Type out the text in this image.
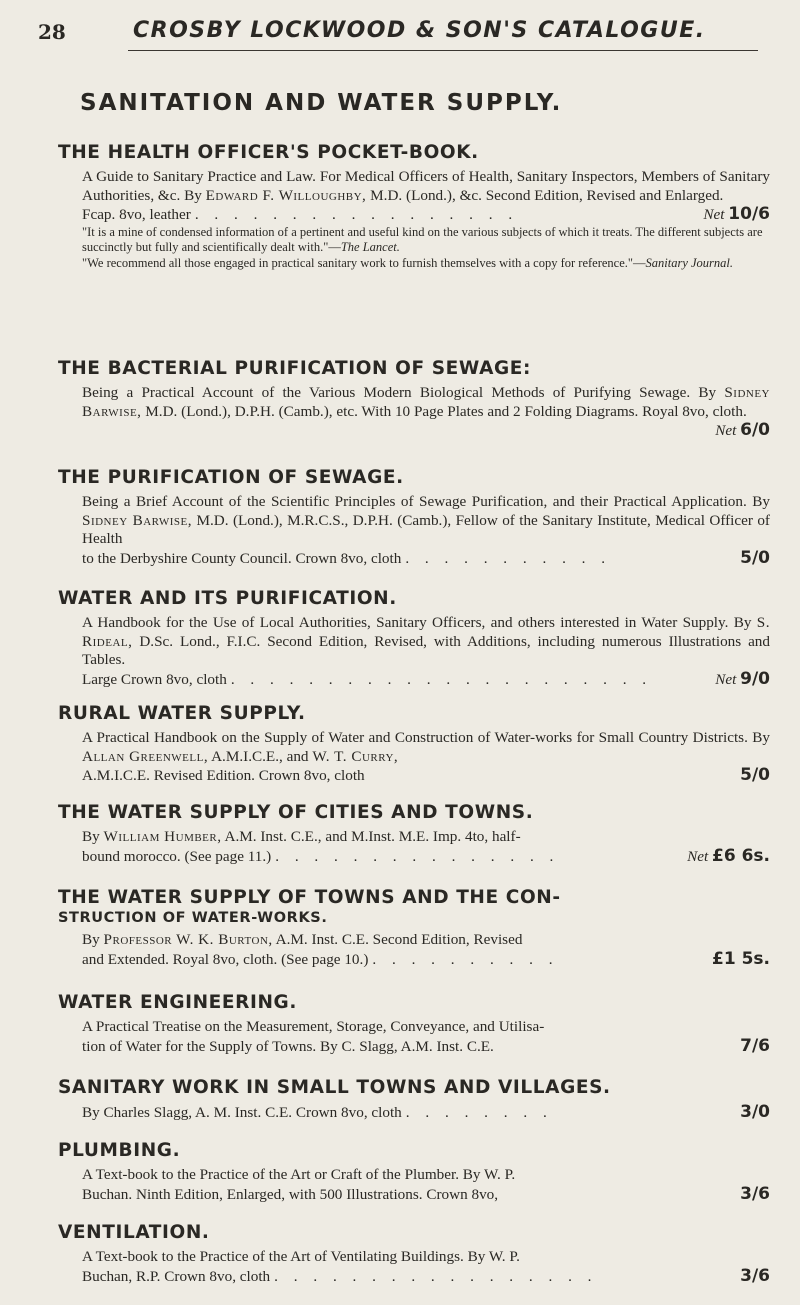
28	CROSBY LOCKWOOD & SON'S CATALOGUE.
SANITATION AND WATER SUPPLY.
THE HEALTH OFFICER'S POCKET-BOOK.
A Guide to Sanitary Practice and Law. For Medical Officers of Health, Sanitary Inspectors, Members of Sanitary Authorities, &c. By Edward F. Willoughby, M.D. (Lond.), &c. Second Edition, Revised and Enlarged.
Fcap. 8vo, leather . . . . . . . . . . . . . . . . .	Net 10/6
"It is a mine of condensed information of a pertinent and useful kind on the various subjects of which it treats. The different subjects are succinctly but fully and scientifically dealt with."—The Lancet.
"We recommend all those engaged in practical sanitary work to furnish themselves with a copy for reference."—Sanitary Journal.
THE BACTERIAL PURIFICATION OF SEWAGE:
Being a Practical Account of the Various Modern Biological Methods of Purifying Sewage. By Sidney Barwise, M.D. (Lond.), D.P.H. (Camb.), etc. With 10 Page Plates and 2 Folding Diagrams. Royal 8vo, cloth.
Net 6/0
THE PURIFICATION OF SEWAGE.
Being a Brief Account of the Scientific Principles of Sewage Purification, and their Practical Application. By Sidney Barwise, M.D. (Lond.), M.R.C.S., D.P.H. (Camb.), Fellow of the Sanitary Institute, Medical Officer of Health
to the Derbyshire County Council. Crown 8vo, cloth . . . . . . . . . . .	5/0
WATER AND ITS PURIFICATION.
A Handbook for the Use of Local Authorities, Sanitary Officers, and others interested in Water Supply. By S. Rideal, D.Sc. Lond., F.I.C. Second Edition, Revised, with Additions, including numerous Illustrations and Tables.
Large Crown 8vo, cloth . . . . . . . . . . . . . . . . . . . . . .	Net 9/0
RURAL WATER SUPPLY.
A Practical Handbook on the Supply of Water and Construction of Water-works for Small Country Districts. By Allan Greenwell, A.M.I.C.E., and W. T. Curry,
A.M.I.C.E. Revised Edition. Crown 8vo, cloth	5/0
THE WATER SUPPLY OF CITIES AND TOWNS.
By William Humber, A.M. Inst. C.E., and M.Inst. M.E. Imp. 4to, half-
bound morocco. (See page 11.) . . . . . . . . . . . . . . .	Net £6 6s.
THE WATER SUPPLY OF TOWNS AND THE CON-
STRUCTION OF WATER-WORKS.
By Professor W. K. Burton, A.M. Inst. C.E. Second Edition, Revised
and Extended. Royal 8vo, cloth. (See page 10.) . . . . . . . . . .	£1 5s.
WATER ENGINEERING.
A Practical Treatise on the Measurement, Storage, Conveyance, and Utilisa-
tion of Water for the Supply of Towns. By C. Slagg, A.M. Inst. C.E.	7/6
SANITARY WORK IN SMALL TOWNS AND VILLAGES.
By Charles Slagg, A. M. Inst. C.E. Crown 8vo, cloth . . . . . . . .	3/0
PLUMBING.
A Text-book to the Practice of the Art or Craft of the Plumber. By W. P.
Buchan. Ninth Edition, Enlarged, with 500 Illustrations. Crown 8vo,	3/6
VENTILATION.
A Text-book to the Practice of the Art of Ventilating Buildings. By W. P.
Buchan, R.P. Crown 8vo, cloth . . . . . . . . . . . . . . . . .	3/6
